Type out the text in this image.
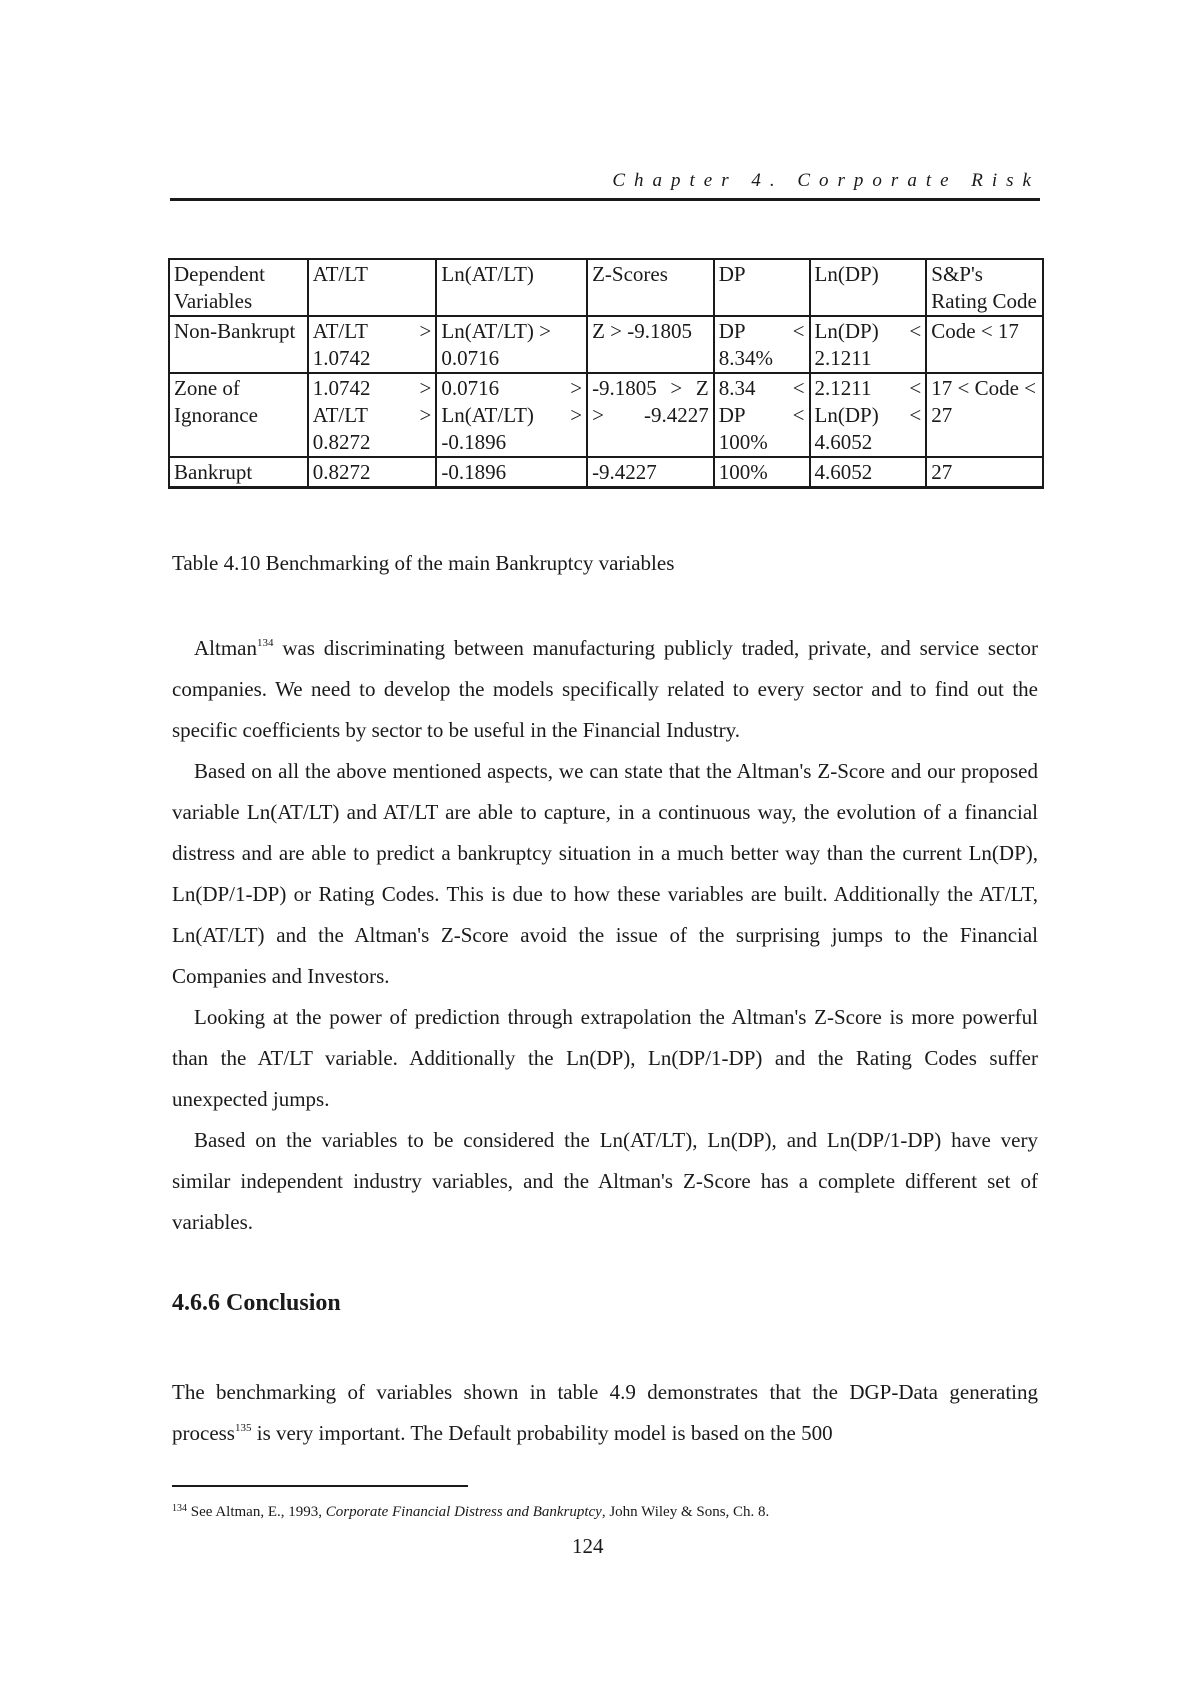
Chapter 4. Corporate Risk
Dependent Variables	AT/LT	Ln(AT/LT)	Z-Scores	DP	Ln(DP)	S&P's Rating Code
Non-Bankrupt	AT/LT > 1.0742	Ln(AT/LT) > 0.0716	Z > -9.1805	DP < 8.34%	Ln(DP) < 2.1211	Code < 17
Zone of Ignorance	1.0742 > AT/LT > 0.8272	0.0716 > Ln(AT/LT) > -0.1896	-9.1805 > Z > -9.4227	8.34 < DP < 100%	2.1211 < Ln(DP) < 4.6052	17 < Code < 27
Bankrupt	0.8272	-0.1896	-9.4227	100%	4.6052	27
Table 4.10 Benchmarking of the main Bankruptcy variables

Altman$^{134}$ was discriminating between manufacturing publicly traded, private, and service sector companies. We need to develop the models specifically related to every sector and to find out the specific coefficients by sector to be useful in the Financial Industry.

Based on all the above mentioned aspects, we can state that the Altman's Z-Score and our proposed variable Ln(AT/LT) and AT/LT are able to capture, in a continuous way, the evolution of a financial distress and are able to predict a bankruptcy situation in a much better way than the current Ln(DP), Ln(DP/1-DP) or Rating Codes. This is due to how these variables are built. Additionally the AT/LT, Ln(AT/LT) and the Altman's Z-Score avoid the issue of the surprising jumps to the Financial Companies and Investors.

Looking at the power of prediction through extrapolation the Altman's Z-Score is more powerful than the AT/LT variable. Additionally the Ln(DP), Ln(DP/1-DP) and the Rating Codes suffer unexpected jumps.

Based on the variables to be considered the Ln(AT/LT), Ln(DP), and Ln(DP/1-DP) have very similar independent industry variables, and the Altman's Z-Score has a complete different set of variables.

4.6.6 Conclusion

The benchmarking of variables shown in table 4.9 demonstrates that the DGP-Data generating process$^{135}$ is very important. The Default probability model is based on the 500

$^{134}$ See Altman, E., 1993, Corporate Financial Distress and Bankruptcy, John Wiley & Sons, Ch. 8.
124
